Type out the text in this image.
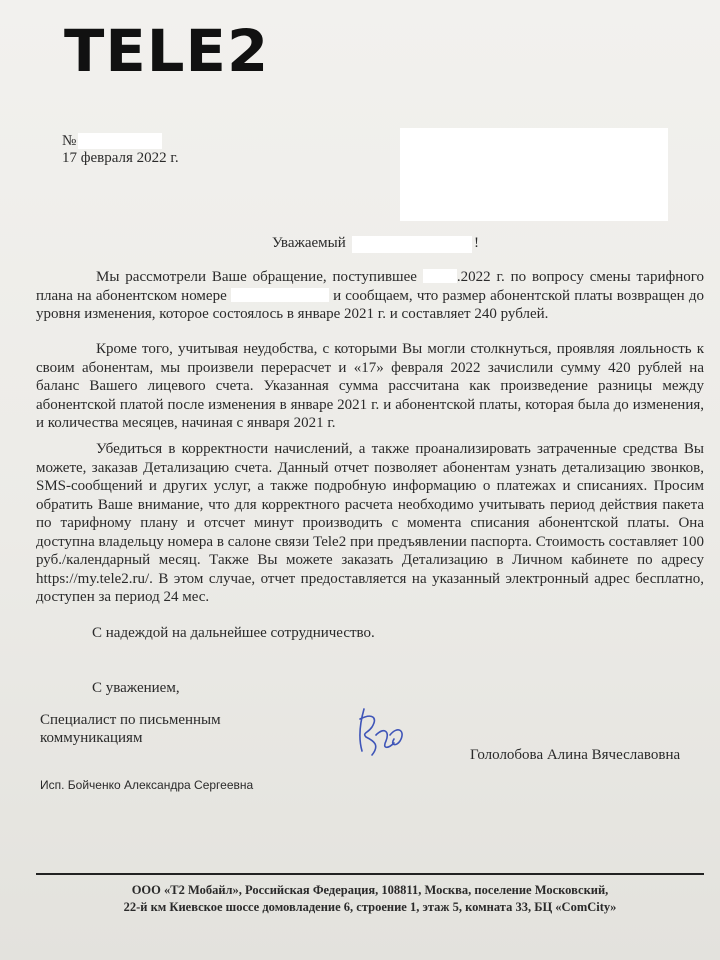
TELE2
№
17 февраля 2022 г.
Уважаемый	!
Мы рассмотрели Ваше обращение, поступившее	.2022 г. по вопросу смены тарифного плана на абонентском номере	и сообщаем, что размер абонентской платы возвращен до уровня изменения, которое состоялось в январе 2021 г. и составляет 240 рублей.
Кроме того, учитывая неудобства, с которыми Вы могли столкнуться, проявляя лояльность к своим абонентам, мы произвели перерасчет и «17» февраля 2022 зачислили сумму 420 рублей на баланс Вашего лицевого счета. Указанная сумма рассчитана как произведение разницы между абонентской платой после изменения в январе 2021 г. и абонентской платы, которая была до изменения, и количества месяцев, начиная с января 2021 г.
Убедиться в корректности начислений, а также проанализировать затраченные средства Вы можете, заказав Детализацию счета. Данный отчет позволяет абонентам узнать детализацию звонков, SMS-сообщений и других услуг, а также подробную информацию о платежах и списаниях. Просим обратить Ваше внимание, что для корректного расчета необходимо учитывать период действия пакета по тарифному плану и отсчет минут производить с момента списания абонентской платы. Она доступна владельцу номера в салоне связи Tele2 при предъявлении паспорта. Стоимость составляет 100 руб./календарный месяц. Также Вы можете заказать Детализацию в Личном кабинете по адресу https://my.tele2.ru/. В этом случае, отчет предоставляется на указанный электронный адрес бесплатно, доступен за период 24 мес.
С надеждой на дальнейшее сотрудничество.
С уважением,
Специалист по письменным
коммуникациям
Гололобова Алина Вячеславовна
Исп. Бойченко Александра Сергеевна
ООО «Т2 Мобайл», Российская Федерация, 108811, Москва, поселение Московский,
22-й км Киевское шоссе домовладение 6, строение 1, этаж 5, комната 33, БЦ «ComCity»
